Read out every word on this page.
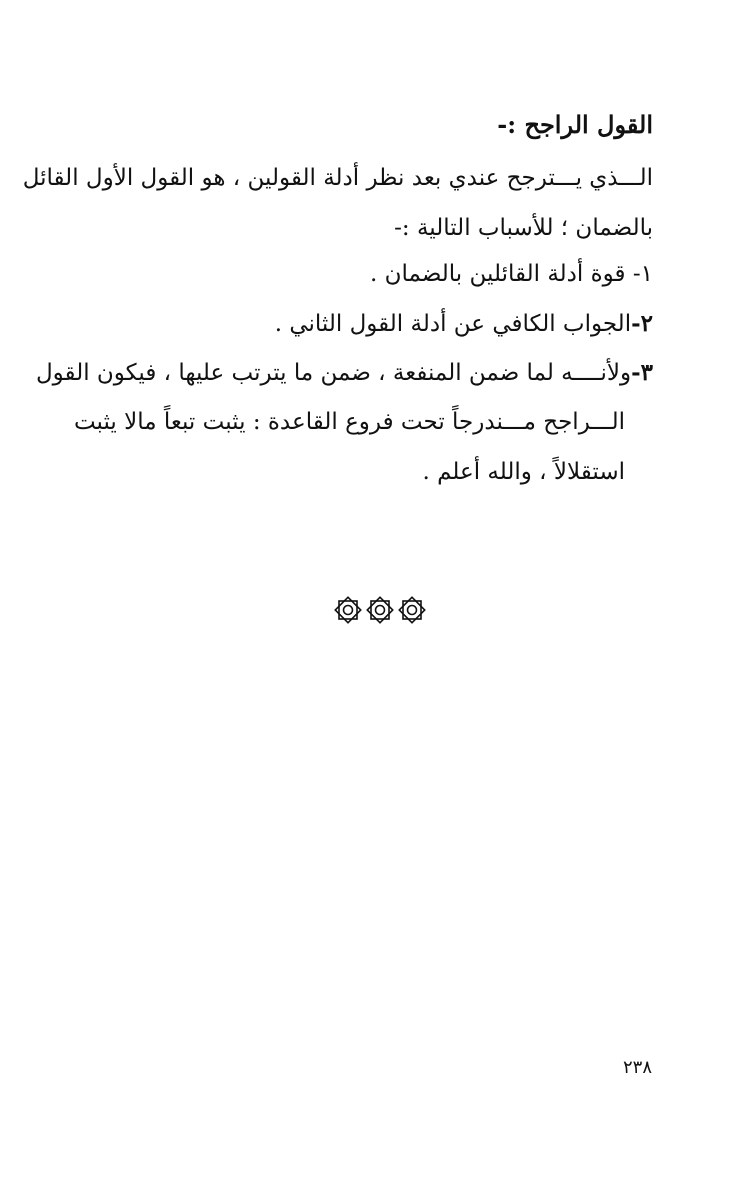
القول الراجح :-
الـــذي يـــترجح عندي بعد نظر أدلة القولين ، هو القول الأول القائل
بالضمان ؛ للأسباب التالية :-
١- قوة أدلة القائلين بالضمان .
٢-الجواب الكافي عن أدلة القول الثاني .
٣-ولأنــــه لما ضمن المنفعة ، ضمن ما يترتب عليها ، فيكون القول
الـــراجح مـــندرجاً تحت فروع القاعدة : يثبت تبعاً مالا يثبت
استقلالاً ، والله أعلم .
٢٣٨
